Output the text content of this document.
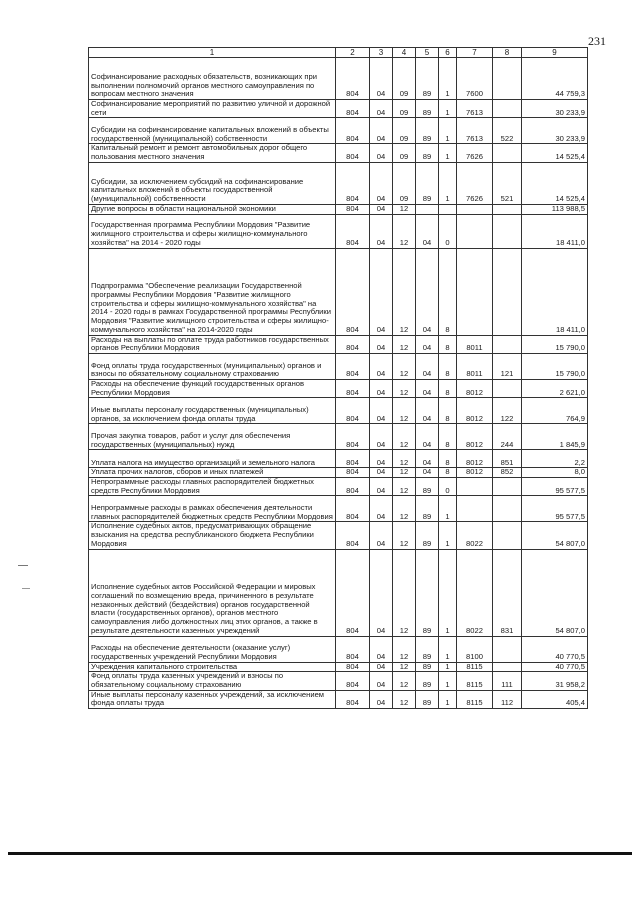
231
1	2	3	4	5	6	7	8	9
Софинансирование расходных обязательств, возникающих при выполнении полномочий органов местного самоуправления по вопросам местного значения	804	04	09	89	1	7600		44 759,3
Софинансирование мероприятий по развитию уличной и дорожной сети	804	04	09	89	1	7613		30 233,9
Субсидии на софинансирование капитальных вложений в объекты государственной (муниципальной) собственности	804	04	09	89	1	7613	522	30 233,9
Капитальный ремонт и ремонт автомобильных дорог общего пользования местного значения	804	04	09	89	1	7626		14 525,4
Субсидии, за исключением субсидий на софинансирование капитальных вложений в объекты государственной (муниципальной) собственности	804	04	09	89	1	7626	521	14 525,4
Другие вопросы в области национальной экономики	804	04	12					113 988,5
Государственная программа Республики Мордовия "Развитие жилищного строительства и сферы жилищно-коммунального хозяйства" на 2014 - 2020 годы	804	04	12	04	0			18 411,0
Подпрограмма "Обеспечение реализации Государственной программы Республики Мордовия "Развитие жилищного строительства и сферы жилищно-коммунального хозяйства" на 2014 - 2020 годы в рамках Государственной программы Республики Мордовия "Развитие жилищного строительства и сферы жилищно-коммунального хозяйства" на 2014-2020 годы	804	04	12	04	8			18 411,0
Расходы на выплаты по оплате труда работников государственных органов Республики Мордовия	804	04	12	04	8	8011		15 790,0
Фонд оплаты труда государственных (муниципальных) органов и взносы по обязательному социальному страхованию	804	04	12	04	8	8011	121	15 790,0
Расходы на обеспечение функций государственных органов Республики Мордовия	804	04	12	04	8	8012		2 621,0
Иные выплаты персоналу государственных (муниципальных) органов, за исключением фонда оплаты труда	804	04	12	04	8	8012	122	764,9
Прочая закупка товаров, работ и услуг для обеспечения государственных (муниципальных) нужд	804	04	12	04	8	8012	244	1 845,9
Уплата налога на имущество организаций и земельного налога	804	04	12	04	8	8012	851	2,2
Уплата прочих налогов, сборов и иных платежей	804	04	12	04	8	8012	852	8,0
Непрограммные расходы главных распорядителей бюджетных средств Республики Мордовия	804	04	12	89	0			95 577,5
Непрограммные расходы в рамках обеспечения деятельности главных распорядителей бюджетных средств Республики Мордовия	804	04	12	89	1			95 577,5
Исполнение судебных актов, предусматривающих обращение взыскания на средства республиканского бюджета Республики Мордовия	804	04	12	89	1	8022		54 807,0
Исполнение судебных актов Российской Федерации и мировых соглашений по возмещению вреда, причиненного в результате незаконных действий (бездействия) органов государственной власти (государственных органов), органов местного самоуправления либо должностных лиц этих органов, а также в результате деятельности казенных учреждений	804	04	12	89	1	8022	831	54 807,0
Расходы на обеспечение деятельности (оказание услуг) государственных учреждений Республики Мордовия	804	04	12	89	1	8100		40 770,5
Учреждения капитального строительства	804	04	12	89	1	8115		40 770,5
Фонд оплаты труда казенных учреждений и взносы по обязательному социальному страхованию	804	04	12	89	1	8115	111	31 958,2
Иные выплаты персоналу казенных учреждений, за исключением фонда оплаты труда	804	04	12	89	1	8115	112	405,4
